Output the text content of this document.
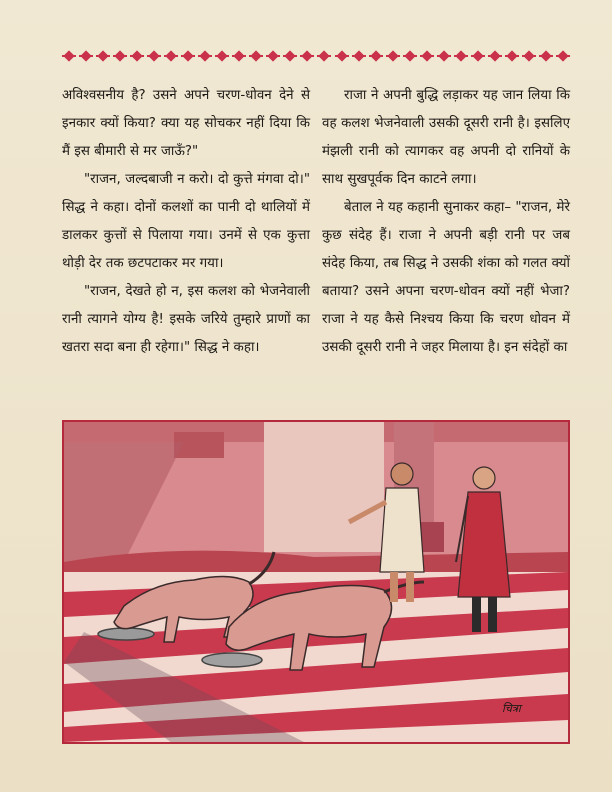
अविश्वसनीय है? उसने अपने चरण-धोवन देने से इनकार क्यों किया? क्या यह सोचकर नहीं दिया कि मैं इस बीमारी से मर जाऊँ?"

"राजन, जल्दबाजी न करो। दो कुत्ते मंगवा दो।" सिद्ध ने कहा। दोनों कलशों का पानी दो थालियों में डालकर कुत्तों से पिलाया गया। उनमें से एक कुत्ता थोड़ी देर तक छटपटाकर मर गया।

"राजन, देखते हो न, इस कलश को भेजनेवाली रानी त्यागने योग्य है! इसके जरिये तुम्हारे प्राणों का खतरा सदा बना ही रहेगा।" सिद्ध ने कहा।

राजा ने अपनी बुद्धि लड़ाकर यह जान लिया कि वह कलश भेजनेवाली उसकी दूसरी रानी है। इसलिए मंझली रानी को त्यागकर वह अपनी दो रानियों के साथ सुखपूर्वक दिन काटने लगा।

बेताल ने यह कहानी सुनाकर कहा– "राजन, मेरे कुछ संदेह हैं। राजा ने अपनी बड़ी रानी पर जब संदेह किया, तब सिद्ध ने उसकी शंका को गलत क्यों बताया? उसने अपना चरण-धोवन क्यों नहीं भेजा? राजा ने यह कैसे निश्चय किया कि चरण धोवन में उसकी दूसरी रानी ने जहर मिलाया है। इन संदेहों का

चित्रा
